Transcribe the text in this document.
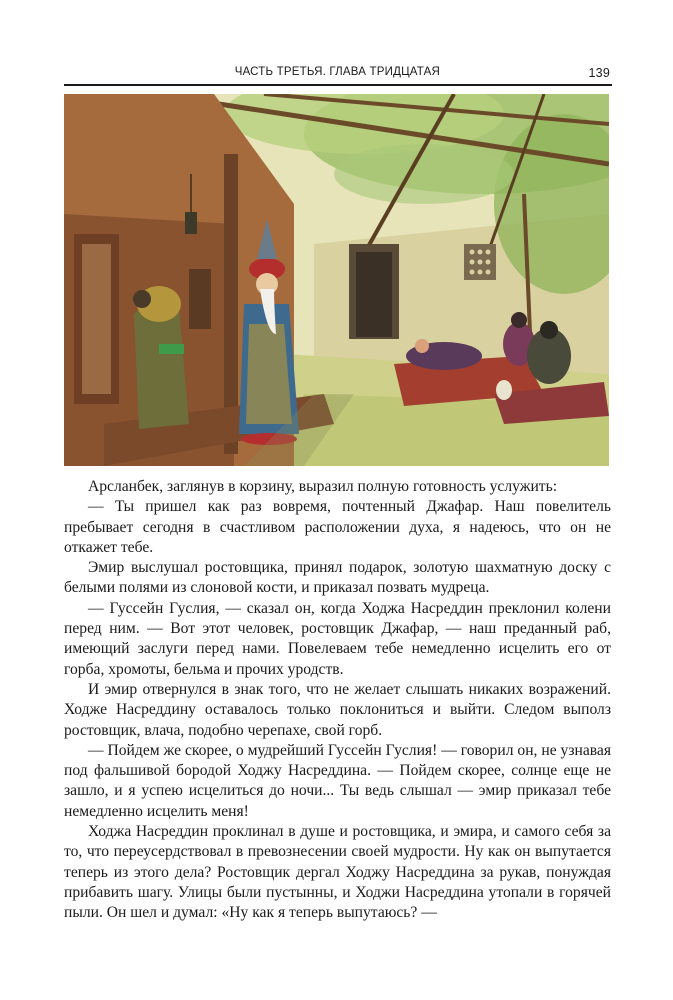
ЧАСТЬ ТРЕТЬЯ. ГЛАВА ТРИДЦАТАЯ	139

Арсланбек, заглянув в корзину, выразил полную готовность услужить:

— Ты пришел как раз вовремя, почтенный Джафар. Наш повелитель пребывает сегодня в счастливом расположении духа, я надеюсь, что он не откажет тебе.

Эмир выслушал ростовщика, принял подарок, золотую шахматную доску с белыми полями из слоновой кости, и приказал позвать мудреца.

— Гуссейн Гуслия, — сказал он, когда Ходжа Насреддин преклонил колени перед ним. — Вот этот человек, ростовщик Джафар, — наш преданный раб, имеющий заслуги перед нами. Повелеваем тебе немедленно исцелить его от горба, хромоты, бельма и прочих уродств.

И эмир отвернулся в знак того, что не желает слышать никаких возражений. Ходже Насреддину оставалось только поклониться и выйти. Следом выполз ростовщик, влача, подобно черепахе, свой горб.

— Пойдем же скорее, о мудрейший Гуссейн Гуслия! — говорил он, не узнавая под фальшивой бородой Ходжу Насреддина. — Пойдем скорее, солнце еще не зашло, и я успею исцелиться до ночи... Ты ведь слышал — эмир приказал тебе немедленно исцелить меня!

Ходжа Насреддин проклинал в душе и ростовщика, и эмира, и самого себя за то, что переусердствовал в превознесении своей мудрости. Ну как он выпутается теперь из этого дела? Ростовщик дергал Ходжу Насреддина за рукав, понуждая прибавить шагу. Улицы были пустынны, и Ходжи Насреддина утопали в горячей пыли. Он шел и думал: «Ну как я теперь выпутаюсь? —
